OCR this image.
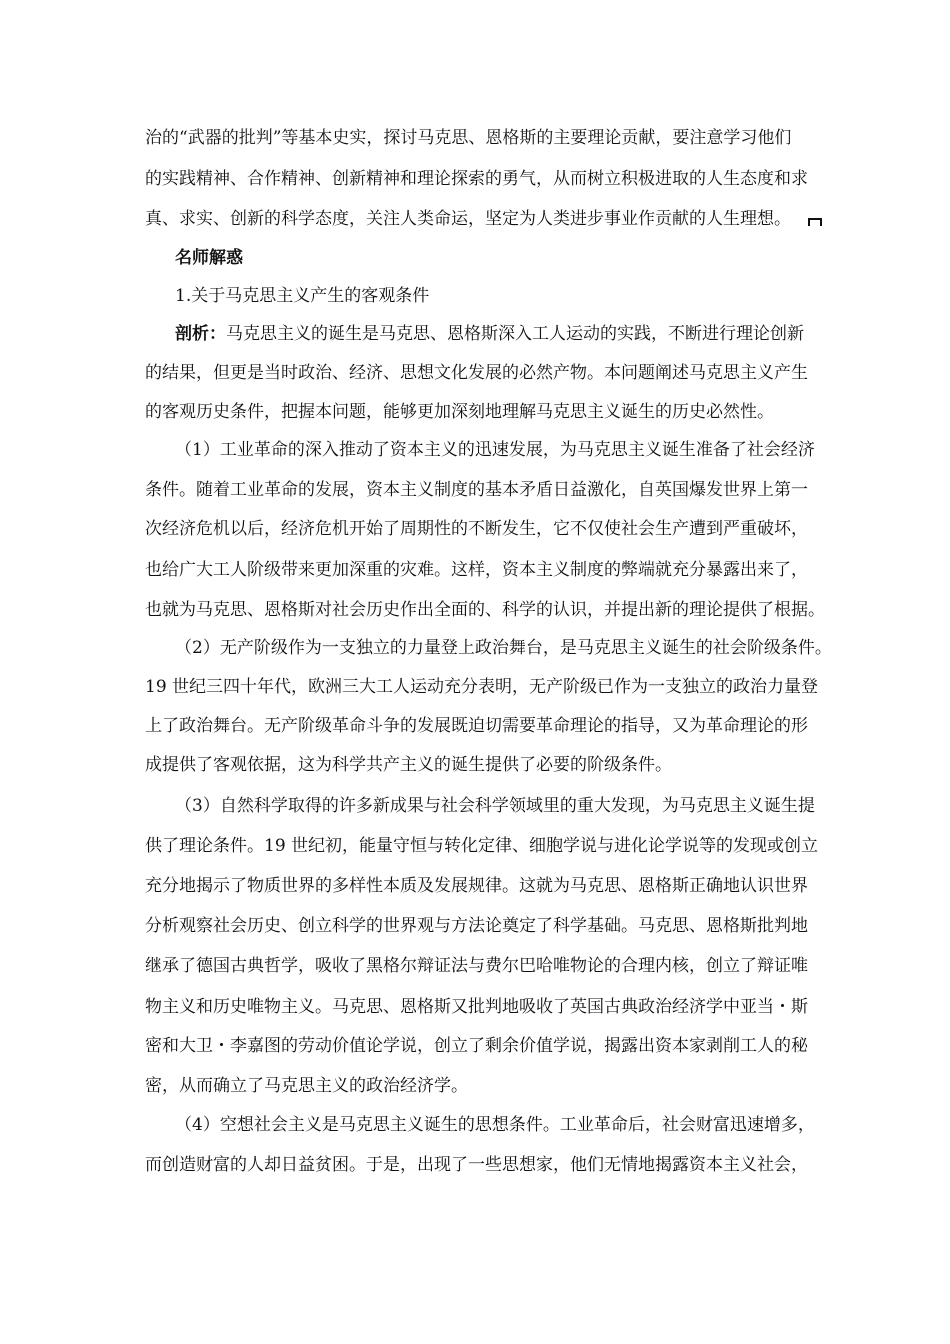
治的“武器的批判”等基本史实，探讨马克思、恩格斯的主要理论贡献，要注意学习他们
的实践精神、合作精神、创新精神和理论探索的勇气，从而树立积极进取的人生态度和求
真、求实、创新的科学态度，关注人类命运，坚定为人类进步事业作贡献的人生理想。
名师解惑
1.关于马克思主义产生的客观条件
剖析：马克思主义的诞生是马克思、恩格斯深入工人运动的实践，不断进行理论创新
的结果，但更是当时政治、经济、思想文化发展的必然产物。本问题阐述马克思主义产生
的客观历史条件，把握本问题，能够更加深刻地理解马克思主义诞生的历史必然性。
（1）工业革命的深入推动了资本主义的迅速发展，为马克思主义诞生准备了社会经济
条件。随着工业革命的发展，资本主义制度的基本矛盾日益激化，自英国爆发世界上第一
次经济危机以后，经济危机开始了周期性的不断发生，它不仅使社会生产遭到严重破坏，
也给广大工人阶级带来更加深重的灾难。这样，资本主义制度的弊端就充分暴露出来了，
也就为马克思、恩格斯对社会历史作出全面的、科学的认识，并提出新的理论提供了根据。
（2）无产阶级作为一支独立的力量登上政治舞台，是马克思主义诞生的社会阶级条件。
19 世纪三四十年代，欧洲三大工人运动充分表明，无产阶级已作为一支独立的政治力量登
上了政治舞台。无产阶级革命斗争的发展既迫切需要革命理论的指导，又为革命理论的形
成提供了客观依据，这为科学共产主义的诞生提供了必要的阶级条件。
（3）自然科学取得的许多新成果与社会科学领域里的重大发现，为马克思主义诞生提
供了理论条件。19 世纪初，能量守恒与转化定律、细胞学说与进化论学说等的发现或创立
充分地揭示了物质世界的多样性本质及发展规律。这就为马克思、恩格斯正确地认识世界
分析观察社会历史、创立科学的世界观与方法论奠定了科学基础。马克思、恩格斯批判地
继承了德国古典哲学，吸收了黑格尔辩证法与费尔巴哈唯物论的合理内核，创立了辩证唯
物主义和历史唯物主义。马克思、恩格斯又批判地吸收了英国古典政治经济学中亚当・斯
密和大卫・李嘉图的劳动价值论学说，创立了剩余价值学说，揭露出资本家剥削工人的秘
密，从而确立了马克思主义的政治经济学。
（4）空想社会主义是马克思主义诞生的思想条件。工业革命后，社会财富迅速增多，
而创造财富的人却日益贫困。于是，出现了一些思想家，他们无情地揭露资本主义社会，
